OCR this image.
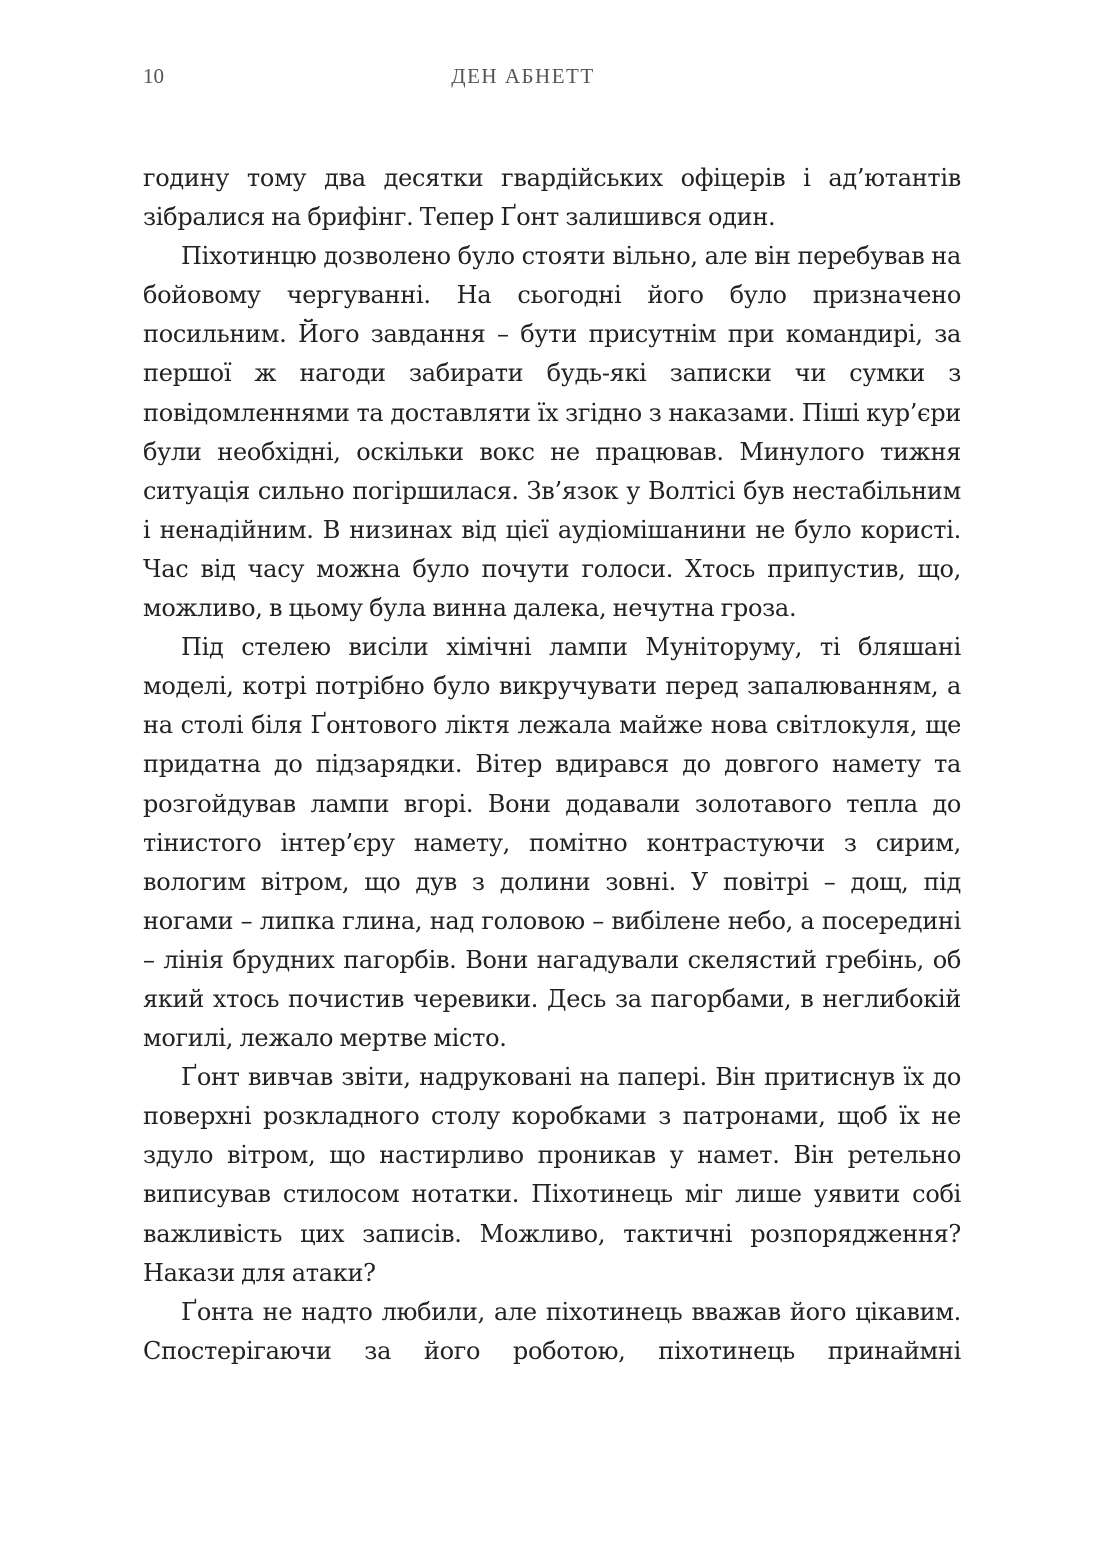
10	ДЕН АБНЕТТ

годину тому два десятки гвардійських офіцерів і ад’ютантів зібралися на брифінг. Тепер Ґонт залишився один.

Піхотинцю дозволено було стояти вільно, але він перебував на бойовому чергуванні. На сьогодні його було призначено посильним. Його завдання – бути присутнім при командирі, за першої ж нагоди забирати будь-які записки чи сумки з повідомленнями та доставляти їх згідно з наказами. Піші кур’єри були необхідні, оскільки вокс не працював. Минулого тижня ситуація сильно погіршилася. Зв’язок у Волтісі був нестабільним і ненадійним. В низинах від цієї аудіомішанини не було користі. Час від часу можна було почути голоси. Хтось припустив, що, можливо, в цьому була винна далека, нечутна гроза.

Під стелею висіли хімічні лампи Муніторуму, ті бляшані моделі, котрі потрібно було викручувати перед запалюванням, а на столі біля Ґонтового ліктя лежала майже нова світлокуля, ще придатна до підзарядки. Вітер вдирався до довгого намету та розгойдував лампи вгорі. Вони додавали золотавого тепла до тінистого інтер’єру намету, помітно контрастуючи з сирим, вологим вітром, що дув з долини зовні. У повітрі – дощ, під ногами – липка глина, над головою – вибілене небо, а посередині – лінія брудних пагорбів. Вони нагадували скелястий гребінь, об який хтось почистив черевики. Десь за пагорбами, в неглибокій могилі, лежало мертве місто.

Ґонт вивчав звіти, надруковані на папері. Він притиснув їх до поверхні розкладного столу коробками з патронами, щоб їх не здуло вітром, що настирливо проникав у намет. Він ретельно виписував стилосом нотатки. Піхотинець міг лише уявити собі важливість цих записів. Можливо, тактичні розпорядження? Накази для атаки?

Ґонта не надто любили, але піхотинець вважав його цікавим. Спостерігаючи за його роботою, піхотинець принаймні
